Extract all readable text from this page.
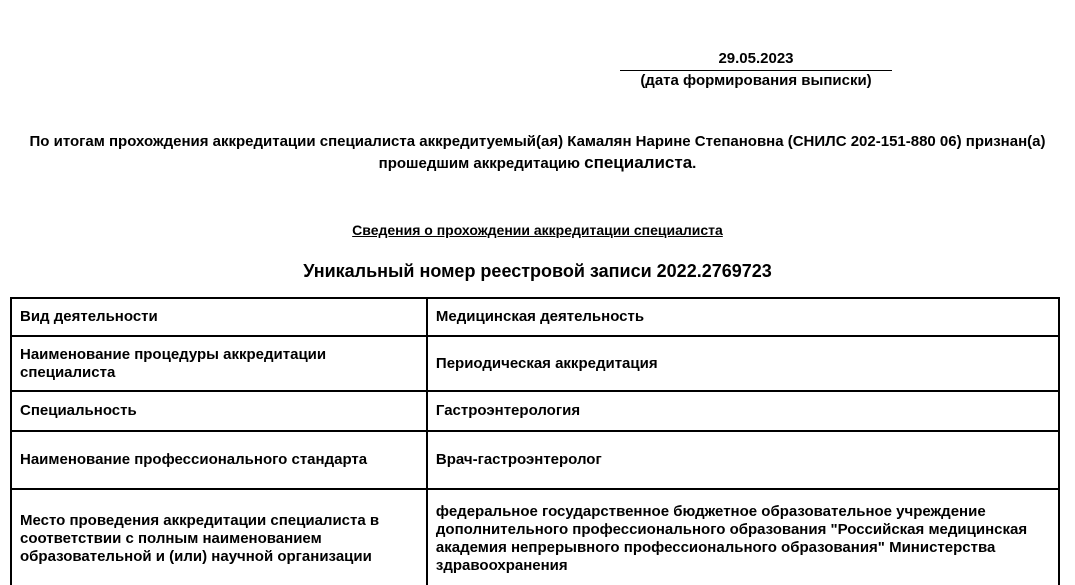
29.05.2023
(дата формирования выписки)
По итогам прохождения аккредитации специалиста аккредитуемый(ая) Камалян Нарине Степановна (СНИЛС 202-151-880 06) признан(а) прошедшим аккредитацию специалиста.
Сведения о прохождении аккредитации специалиста
Уникальный номер реестровой записи 2022.2769723
Вид деятельности	Медицинская деятельность
Наименование процедуры аккредитации специалиста	Периодическая аккредитация
Специальность	Гастроэнтерология
Наименование профессионального стандарта	Врач-гастроэнтеролог
Место проведения аккредитации специалиста в соответствии с полным наименованием образовательной и (или) научной организации	федеральное государственное бюджетное образовательное учреждение дополнительного профессионального образования "Российская медицинская академия непрерывного профессионального образования" Министерства здравоохранения
